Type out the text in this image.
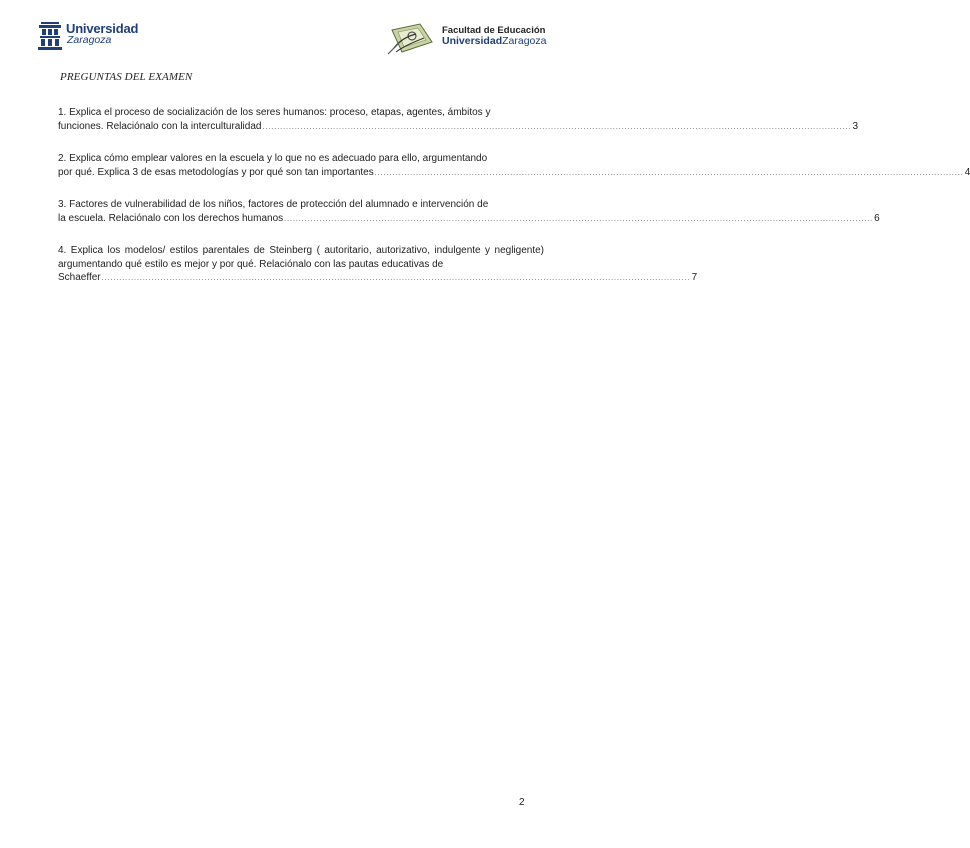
Universidad
Zaragoza
Facultad de Educación
UniversidadZaragoza
PREGUNTAS DEL EXAMEN
1. Explica el proceso de socialización de los seres humanos: proceso, etapas, agentes, ámbitos y
funciones. Relaciónalo con la interculturalidad ........................................................................................................................................................................................................ 3
2. Explica cómo emplear valores en la escuela y lo que no es adecuado para ello, argumentando
por qué. Explica 3 de esas metodologías y por qué son tan importantes ........................................................................................................................................................................................................ 4
3. Factores de vulnerabilidad de los niños, factores de protección del alumnado e intervención de
la escuela. Relaciónalo con los derechos humanos ........................................................................................................................................................................................................ 6
4. Explica los modelos/ estilos parentales de Steinberg ( autoritario, autorizativo, indulgente y negligente) argumentando qué estilo es mejor y por qué. Relaciónalo con las pautas educativas de
Schaeffer ........................................................................................................................................................................................................ 7
2
